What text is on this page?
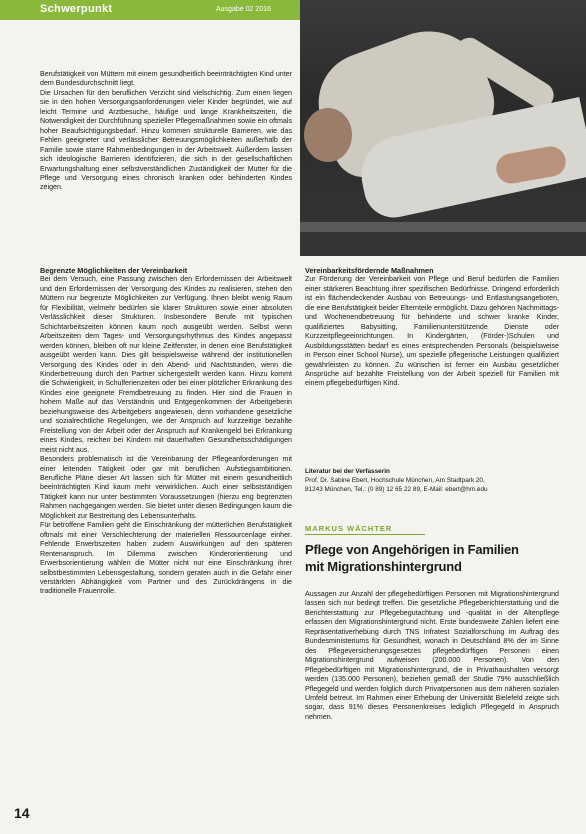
Schwerpunkt	Ausgabe 02 2016

Berufstätigkeit von Müttern mit einem gesundheitlich beeinträchtigten Kind unter dem Bundesdurchschnitt liegt.

Die Ursachen für den beruflichen Verzicht sind vielschichtig. Zum einen liegen sie in den hohen Versorgungsanforderungen vieler Kinder begründet, wie auf leicht Termine und Arztbesuche, häufige und lange Krankheitszeiten, die Notwendigkeit der Durchführung spezieller Pflegemaßnahmen sowie ein oftmals hoher Beaufsichtigungsbedarf. Hinzu kommen strukturelle Barrieren, wie das Fehlen geeigneter und verlässlicher Betreuungsmöglichkeiten außerhalb der Familie sowie starre Rahmenbedingungen in der Arbeitswelt. Außerdem lassen sich ideologische Barrieren identifizieren, die sich in der gesellschaftlichen Erwartungshaltung einer selbstverständlichen Zuständigkeit der Mutter für die Pflege und Versorgung eines chronisch kranken oder behinderten Kindes zeigen.

Begrenzte Möglichkeiten der Vereinbarkeit

Bei dem Versuch, eine Passung zwischen den Erfordernissen der Arbeitswelt und den Erfordernissen der Versorgung des Kindes zu realisieren, stehen den Müttern nur begrenzte Möglichkeiten zur Verfügung. Ihnen bleibt wenig Raum für Flexibilität, vielmehr bedürfen sie klarer Strukturen sowie einer absoluten Verlässlichkeit dieser Strukturen. Insbesondere Berufe mit typischen Schichtarbeitszeiten können kaum noch ausgeübt werden. Selbst wenn Arbeitszeiten dem Tages- und Versorgungsrhythmus des Kindes angepasst werden können, bleiben oft nur kleine Zeitfenster, in denen eine Berufstätigkeit ausgeübt werden kann. Dies gilt beispielsweise während der institutionellen Versorgung des Kindes oder in den Abend- und Nachtstunden, wenn die Kinderbetreuung durch den Partner sichergestellt werden kann. Hinzu kommt die Schwierigkeit, in Schulferienzeiten oder bei einer plötzlicher Erkrankung des Kindes eine geeignete Fremdbetreuung zu finden. Hier sind die Frauen in hohem Maße auf das Verständnis und Entgegenkommen der Arbeitgeberin beziehungsweise des Arbeitgebers angewiesen, denn vorhandene gesetzliche und sozialrechtliche Regelungen, wie der Anspruch auf kurzzeitige bezahlte Freistellung von der Arbeit oder der Anspruch auf Krankengeld bei Erkrankung eines Kindes, reichen bei Kindern mit dauerhaften Gesundheitsschädigungen meist nicht aus.

Besonders problematisch ist die Vereinbarung der Pflegeanforderungen mit einer leitenden Tätigkeit oder gar mit beruflichen Aufstiegsambitionen. Berufliche Pläne dieser Art lassen sich für Mütter mit einem gesundheitlich beeinträchtigten Kind kaum mehr verwirklichen. Auch einer selbstständigen Tätigkeit kann nur unter bestimmten Voraussetzungen (hierzu eng begrenzten Rahmen nachgegangen werden. Sie bietet unter diesen Bedingungen kaum die Möglichkeit zur Bestreitung des Lebensunterhalts.

Für betroffene Familien geht die Einschränkung der mütterlichen Berufstätigkeit oftmals mit einer Verschlechterung der materiellen Ressourcenlage einher. Fehlende Erwerbszeiten haben zudem Auswirkungen auf den späteren Rentenanspruch. Im Dilemma zwischen Kinderorientierung und Erwerbsorientierung wählen die Mütter nicht nur eine Einschränkung ihrer selbstbestimmten Lebensgestaltung, sondern geraten auch in die Gefahr einer verstärkten Abhängigkeit vom Partner und des Zurückdrängens in die traditionelle Frauenrolle.

Vereinbarkeitsfördernde Maßnahmen

Zur Förderung der Vereinbarkeit von Pflege und Beruf bedürfen die Familien einer stärkeren Beachtung ihrer spezifischen Bedürfnisse. Dringend erforderlich ist ein flächendeckender Ausbau von Betreuungs- und Entlastungsangeboten, die eine Berufstätigkeit beider Elternteile ermöglicht. Dazu gehören Nachmittags- und Wochenendbetreuung für behinderte und schwer kranke Kinder, qualifiziertes Babysitting, Familienunterstützende Dienste oder Kurzzeitpflegeeinrichtungen. In Kindergärten, (Förder-)Schulen und Ausbildungsstätten bedarf es eines entsprechenden Personals (beispielsweise in Person einer School Nurse), um spezielle pflegerische Leistungen qualifiziert gewährleisten zu können. Zu wünschen ist ferner ein Ausbau gesetzlicher Ansprüche auf bezahlte Freistellung von der Arbeit speziell für Familien mit einem pflegebedürftigen Kind.

Literatur bei der Verfasserin
Prof. Dr. Sabine Ebert, Hochschule München, Am Stadtpark 20,
81243 München, Tel.: (0 89) 12 65 22 89, E-Mail: ebert@hm.edu
MARKUS WÄCHTER
Pflege von Angehörigen in Familien
mit Migrationshintergrund

Aussagen zur Anzahl der pflegebedürftigen Personen mit Migrationshintergrund lassen sich nur bedingt treffen. Die gesetzliche Pflegeberichterstattung und die Berichterstattung zur Pflegebegutachtung und -qualität in der Altenpflege erfassen den Migrationshintergrund nicht. Erste bundesweite Zahlen liefert eine Repräsentativerhebung durch TNS Infratest Sozialforschung im Auftrag des Bundesministeriums für Gesundheit, wonach in Deutschland 8% der im Sinne des Pflegeversicherungsgesetzes pflegebedürftigen Personen einen Migrationshintergrund aufweisen (200.000 Personen). Von den Pflegebedürftigen mit Migrationshintergrund, die in Privathaushalten versorgt werden (135.000 Personen), beziehen gemäß der Studie 79% ausschließlich Pflegegeld und werden folglich durch Privatpersonen aus dem näheren sozialen Umfeld betreut. Im Rahmen einer Erhebung der Universität Bielefeld zeigte sich sogar, dass 91% dieses Personenkreises lediglich Pflegegeld in Anspruch nehmen.

14
